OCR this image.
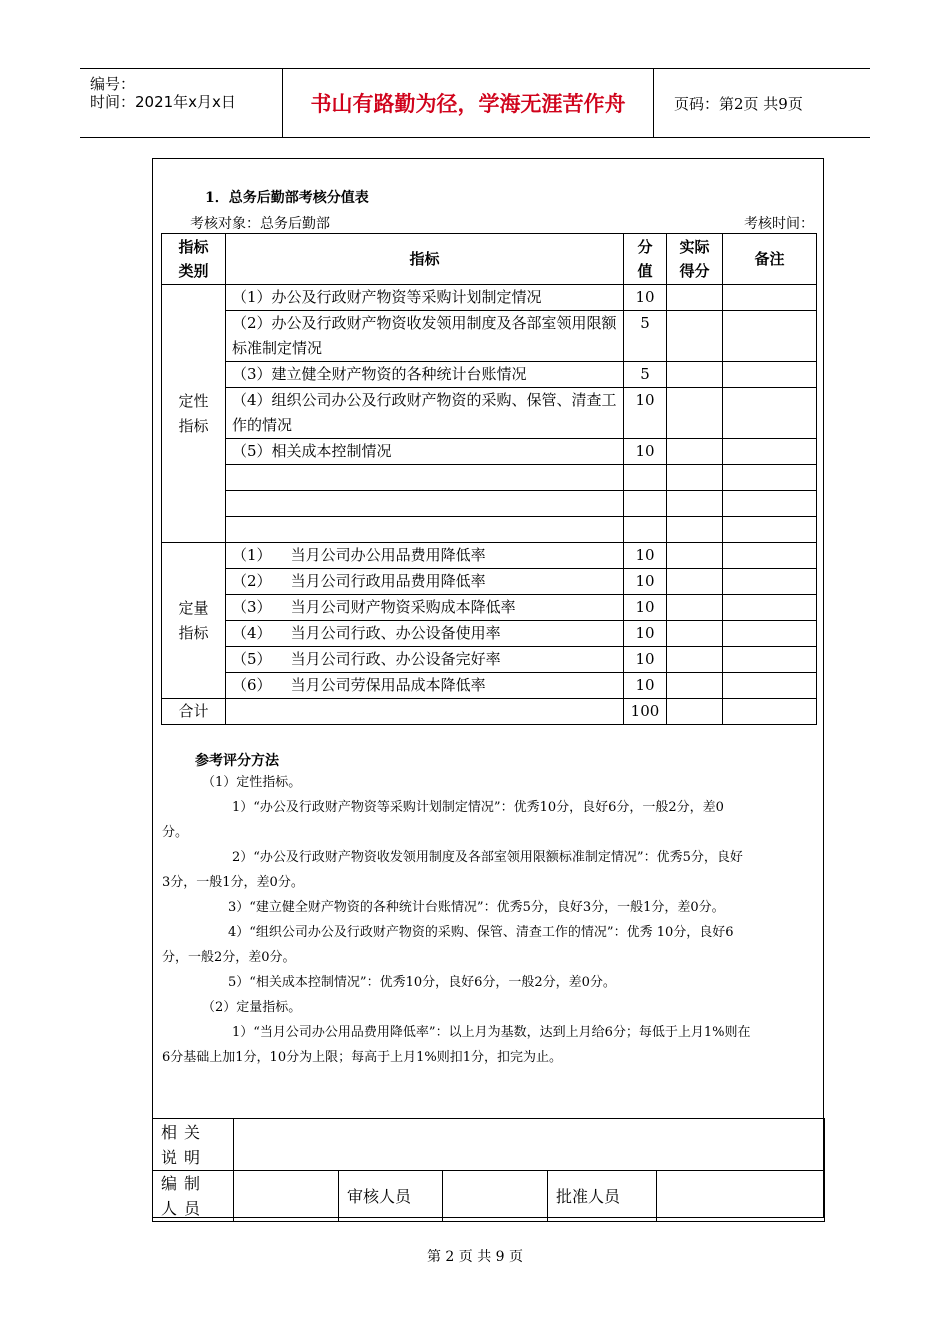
编号：
时间：2021年x月x日	书山有路勤为径，学海无涯苦作舟	页码：第2页 共9页
1．总务后勤部考核分值表
考核对象：总务后勤部	考核时间：
指标类别	指标	分值	实际得分	备注

定性指标	（1）办公及行政财产物资等采购计划制定情况	10		
	（2）办公及行政财产物资收发领用制度及各部室领用限额标准制定情况	5		
	（3）建立健全财产物资的各种统计台账情况	5		
	（4）组织公司办公及行政财产物资的采购、保管、清查工作的情况	10		
	（5）相关成本控制情况	10		

定量指标	（1）    当月公司办公用品费用降低率	10		
	（2）    当月公司行政用品费用降低率	10		
	（3）    当月公司财产物资采购成本降低率	10		
	（4）    当月公司行政、办公设备使用率	10		
	（5）    当月公司行政、办公设备完好率	10		
	（6）    当月公司劳保用品成本降低率	10		
合计		100		
参考评分方法
（1）定性指标。
1）“办公及行政财产物资等采购计划制定情况”：优秀10分，良好6分，一般2分，差0
分。
2）“办公及行政财产物资收发领用制度及各部室领用限额标准制定情况”：优秀5分，良好
3分，一般1分，差0分。
3）“建立健全财产物资的各种统计台账情况”：优秀5分，良好3分，一般1分，差0分。
4）“组织公司办公及行政财产物资的采购、保管、清查工作的情况”：优秀 10分，良好6
分，一般2分，差0分。
5）“相关成本控制情况”：优秀10分，良好6分，一般2分，差0分。
（2）定量指标。
1）“当月公司办公用品费用降低率”：以上月为基数，达到上月给6分；每低于上月1%则在
6分基础上加1分，10分为上限；每高于上月1%则扣1分，扣完为止。
相关说明					

编制人员		审核人员		批准人员	
第 2 页 共 9 页
